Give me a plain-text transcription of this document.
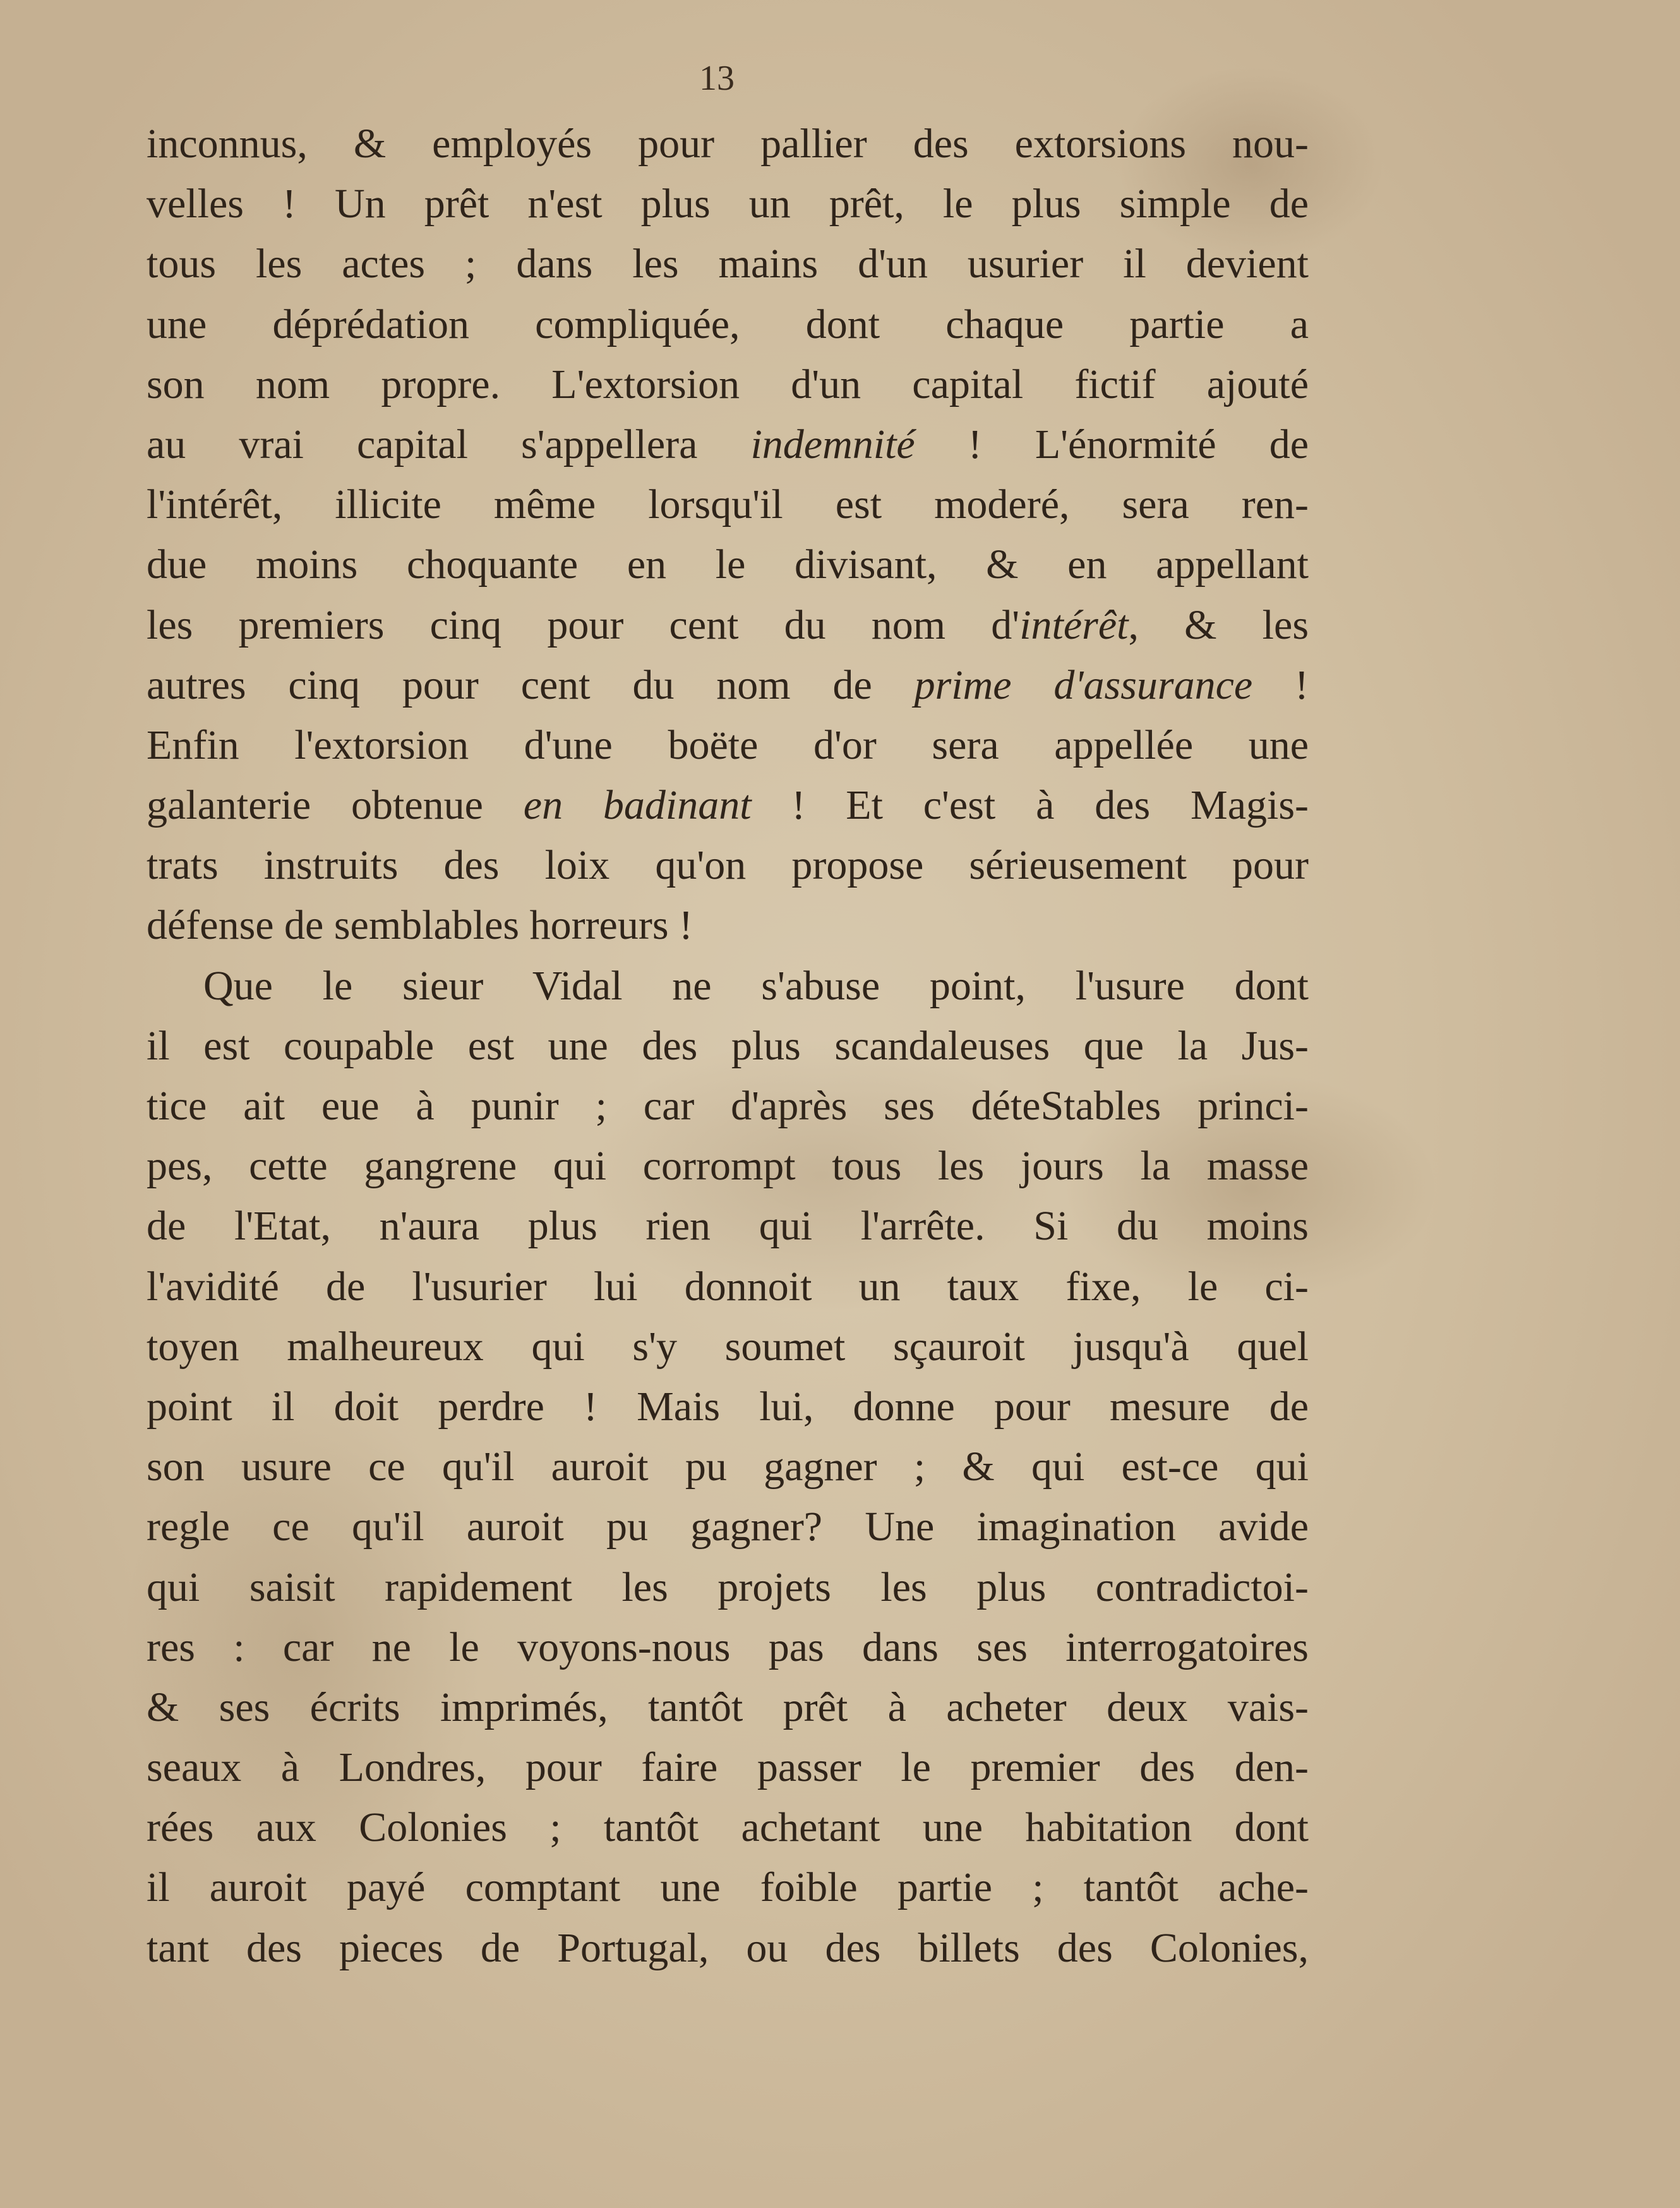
13
inconnus, & employés pour pallier des extorsions nou-
velles ! Un prêt n'est plus un prêt, le plus simple de
tous les actes ; dans les mains d'un usurier il devient
une déprédation compliquée, dont chaque partie a
son nom propre. L'extorsion d'un capital fictif ajouté
au vrai capital s'appellera indemnité ! L'énormité de
l'intérêt, illicite même lorsqu'il est moderé, sera ren-
due moins choquante en le divisant, & en appellant
les premiers cinq pour cent du nom d'intérêt, & les
autres cinq pour cent du nom de prime d'assurance !
Enfin l'extorsion d'une boëte d'or sera appellée une
galanterie obtenue en badinant ! Et c'est à des Magis-
trats instruits des loix qu'on propose sérieusement pour
défense de semblables horreurs !
Que le sieur Vidal ne s'abuse point, l'usure dont
il est coupable est une des plus scandaleuses que la Jus-
tice ait eue à punir ; car d'après ses déteStables princi-
pes, cette gangrene qui corrompt tous les jours la masse
de l'Etat, n'aura plus rien qui l'arrête. Si du moins
l'avidité de l'usurier lui donnoit un taux fixe, le ci-
toyen malheureux qui s'y soumet sçauroit jusqu'à quel
point il doit perdre ! Mais lui, donne pour mesure de
son usure ce qu'il auroit pu gagner ; & qui est-ce qui
regle ce qu'il auroit pu gagner? Une imagination avide
qui saisit rapidement les projets les plus contradictoi-
res : car ne le voyons-nous pas dans ses interrogatoires
& ses écrits imprimés, tantôt prêt à acheter deux vais-
seaux à Londres, pour faire passer le premier des den-
rées aux Colonies ; tantôt achetant une habitation dont
il auroit payé comptant une foible partie ; tantôt ache-
tant des pieces de Portugal, ou des billets des Colonies,
